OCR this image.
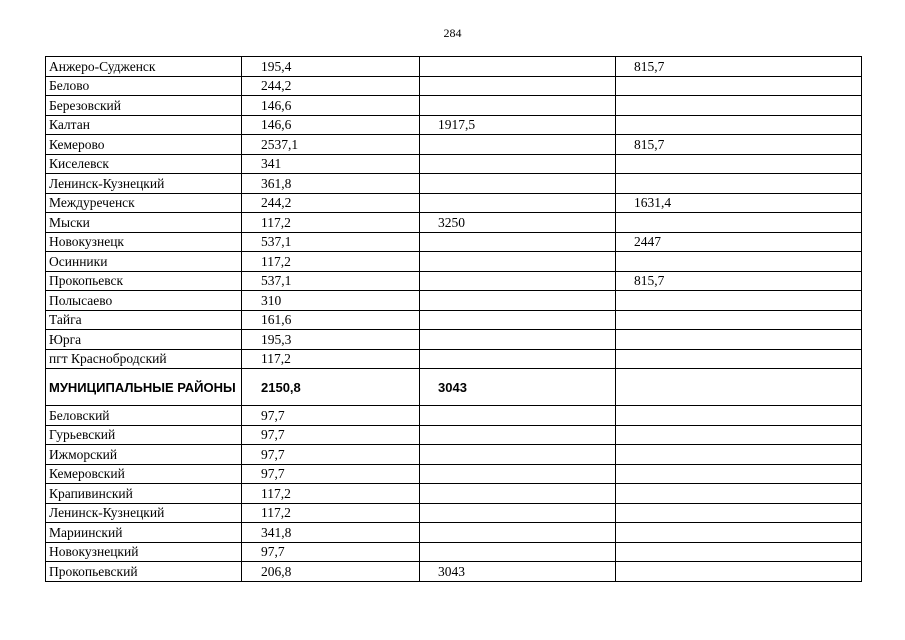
284
Анжеро-Судженск	195,4		815,7
Белово	244,2		
Березовский	146,6		
Калтан	146,6	1917,5	
Кемерово	2537,1		815,7
Киселевск	341		
Ленинск-Кузнецкий	361,8		
Междуреченск	244,2		1631,4
Мыски	117,2	3250	
Новокузнецк	537,1		2447
Осинники	117,2		
Прокопьевск	537,1		815,7
Полысаево	310		
Тайга	161,6		
Юрга	195,3		
пгт Краснобродский	117,2		
МУНИЦИПАЛЬНЫЕ РАЙОНЫ	2150,8	3043	
Беловский	97,7		
Гурьевский	97,7		
Ижморский	97,7		
Кемеровский	97,7		
Крапивинский	117,2		
Ленинск-Кузнецкий	117,2		
Мариинский	341,8		
Новокузнецкий	97,7		
Прокопьевский	206,8	3043	
